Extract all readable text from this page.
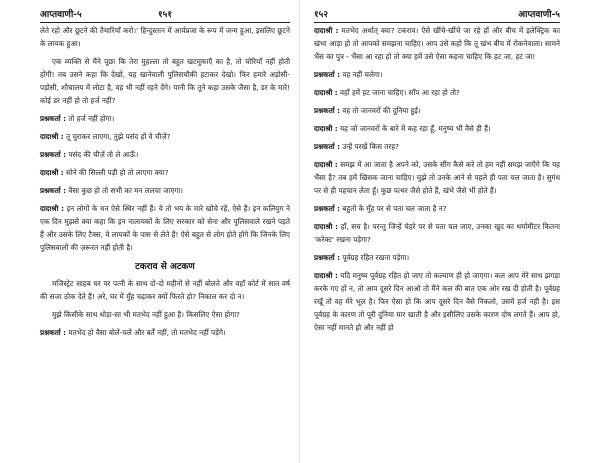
आप्तवाणी-५	१५१

लेते रहो और छूटने की तैयारियाँ करो।' हिन्दुस्तान में आर्यप्रजा के रूप में जन्म हुआ, इसलिए छूटने के लायक हुआ।

एक व्यक्ति से मैंने पूछा कि तेरा मुहल्ला तो बहुत खटमुकाएँ का है, तो चोरियाँ नहीं होती होंगी! तब उसने कहा कि देखो, यह खानेवाली पुलिसचौकी हटाकर देखो। फिर हमारे अड़ोसी-पड़ोसी, शौचालय में लोटा है, वह भी नहीं रहने देंगे। यानी कि तूने कहा उसके जैसा है, डर के मारे! कोई डर नहीं हो तो हर्ज नहीं?

प्रश्नकर्ता : तो हर्ज नहीं होगा।

दादाश्री : तू चुराकर लाएगा, तुझे पसंद हों वे चीज़ें?

प्रश्नकर्ता : पसंद की चीज़ें तो ले आऊँ।

दादाश्री : सोने की सिल्ली पड़ी हो तो लाएगा क्या?

प्रश्नकर्ता : वैसा कुछ हो तो सभी का मन ललचा जाएगा।

दादाश्री : इन लोगों के मन ऐसे स्थिर नहीं हैं। ये तो भय के मारे खोंचे रहें, ऐसे हैं। इन कलियुग ने एक दिन मुझसे क्या कहा कि इन नालायकों के लिए सरकार को सेना और पुलिसवाले रखने पड़ते हैं और उसके लिए टैक्स, वे लायकों के पास से लेते हैं! ऐसे बहुत से लोग होते होंगे कि जिनके लिए पुलिसवालों की ज़रूरत नहीं होती है।

टकराव से अटकण

मजिस्ट्रेट साहब घर पर पत्नी के साथ दो-दो महीनों से नहीं बोलते और वहाँ कोर्ट में सात वर्ष की सजा ठोक देते हैं! अरे, घर में मुँह चढ़ाकर क्यों फिरते हो? निकाल कर दो न।

मुझे किसीके साथ थोड़ा-सा भी मतभेद नहीं हुआ है। किसलिए ऐसा होगा?

प्रश्नकर्ता : मतभेद हो वैसा बोलें-चलें और बर्तें नहीं, तो मतभेद नहीं पड़ेंगे।

१५२	आप्तवाणी-५

दादाश्री : मतभेद अर्थात् क्या? टकराव। ऐसे खींचे-खींचे जा रहे हों और बीच में इलेक्ट्रिक का खंभा आड़ा हो तो आपको समझना चाहिए। आप उसे कहो कि तू खंभ बीच में रोकनेवाला। सामने भैंस का पुत्र - भैंसा आ रहा हो तो क्या हमें उसे ऐसा कहना चाहिए कि हट जा, हट जा!

प्रश्नकर्ता : वह नहीं चलेगा।

दादाश्री : वहाँ हमें हट जाना चाहिए। साँप आ रहा हो तो?

प्रश्नकर्ता : वह तो जानवरों की दुनिया हुई।

दादाश्री : यह जो जानवरों के बारे में कह रहा हूँ, मनुष्य भी वैसे ही हैं।

प्रश्नकर्ता : उन्हें परखें किस तरह?

दादाश्री : समझ में आ जाता है अपने को, उसके सींग कैसे करे तो हम नहीं समझ जाएँगे कि यह भैंसा है? तब हमें खिसक जाना चाहिए। मुझे तो उनके आने से पहले ही पता चल जाता है। सुगंध पर से ही पहचान लेता हूँ। कुछ पत्थर जैसे होते हैं, खंभे जैसे भी होते हैं।

प्रश्नकर्ता : बहुतों के मुँह पर से पता चल जाता है न?

दादाश्री : हाँ, सच है। परन्तु जिन्हें चेहरे पर से पता चल जाए, उनका खुद का थर्मामीटर कितना 'करेक्ट' रखना पड़ेगा?

प्रश्नकर्ता : पूर्वग्रह रहित रखना पड़ेगा।

दादाश्री : यदि मनुष्य पूर्वग्रह रहित हो जाए तो कल्याण ही हो जाएगा। कल आप मेरे साथ झगड़ा करके गए हों न, तो आप दूसरे दिन आओ तो मैंने कल की बात एक ओर रख दी होती है। पूर्वग्रह रखूँ तो वह मेरे भूल है। फिर ऐसा हो कि आप दूसरे दिन वैसे निकलो, उसमें हर्ज नहीं है। इस पूर्वग्रह के कारण तो पूरी दुनिया मार खाती है और इसीलिए उसके कारण दोष लगते हैं। आप हो, ऐसा नहीं मानते हो और नहीं हो
